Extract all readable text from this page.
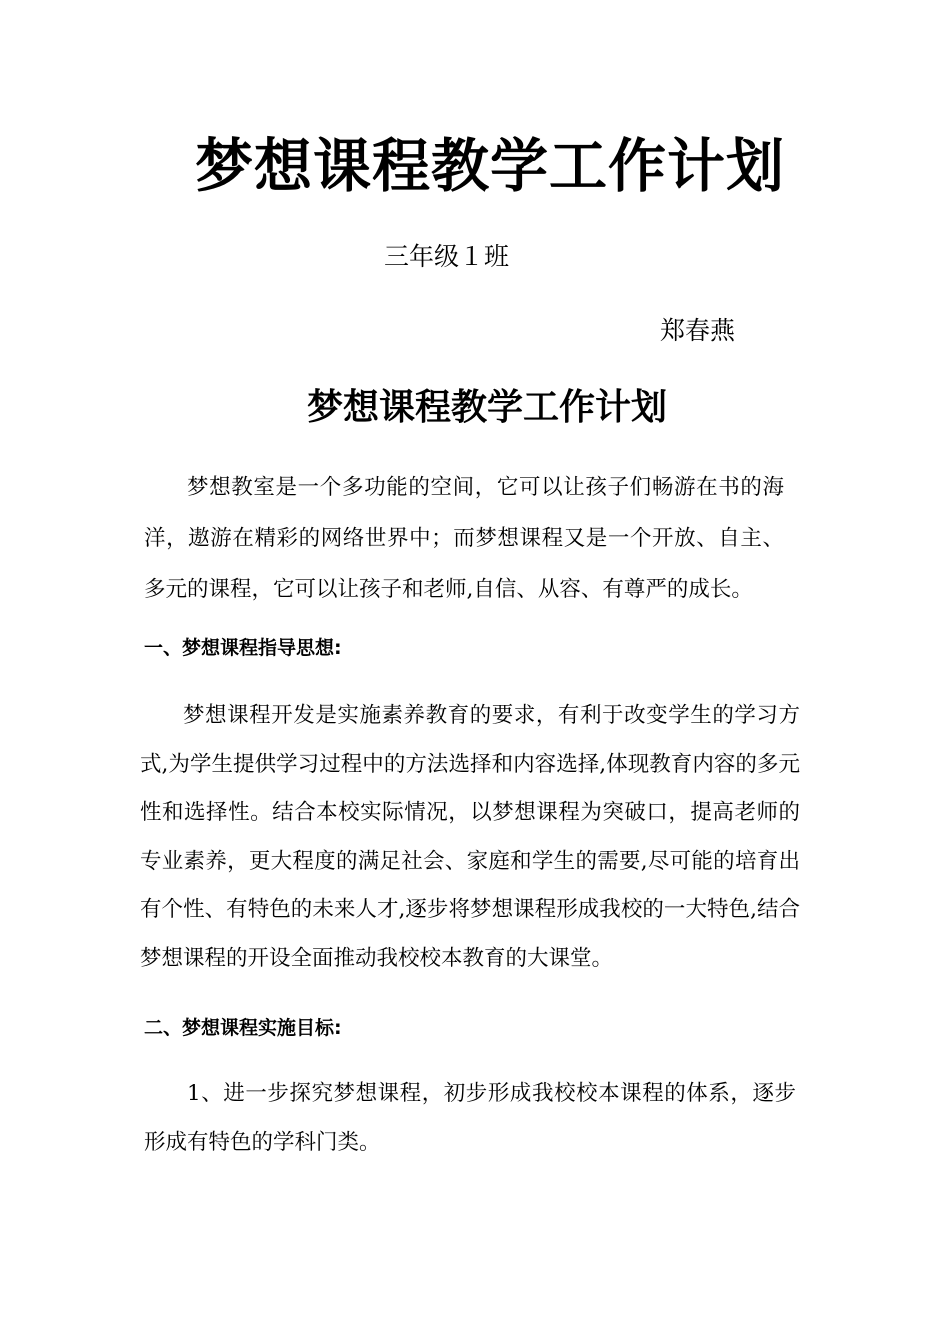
梦想课程教学工作计划

三年级１班

郑春燕

梦想课程教学工作计划

梦想教室是一个多功能的空间，它可以让孩子们畅游在书的海洋，遨游在精彩的网络世界中；而梦想课程又是一个开放、自主、多元的课程，它可以让孩子和老师,自信、从容、有尊严的成长。

一、梦想课程指导思想:

梦想课程开发是实施素养教育的要求，有利于改变学生的学习方式,为学生提供学习过程中的方法选择和内容选择,体现教育内容的多元性和选择性。结合本校实际情况，以梦想课程为突破口，提高老师的专业素养，更大程度的满足社会、家庭和学生的需要,尽可能的培育出有个性、有特色的未来人才,逐步将梦想课程形成我校的一大特色,结合梦想课程的开设全面推动我校校本教育的大课堂。

二、梦想课程实施目标:

1、进一步探究梦想课程，初步形成我校校本课程的体系，逐步形成有特色的学科门类。
